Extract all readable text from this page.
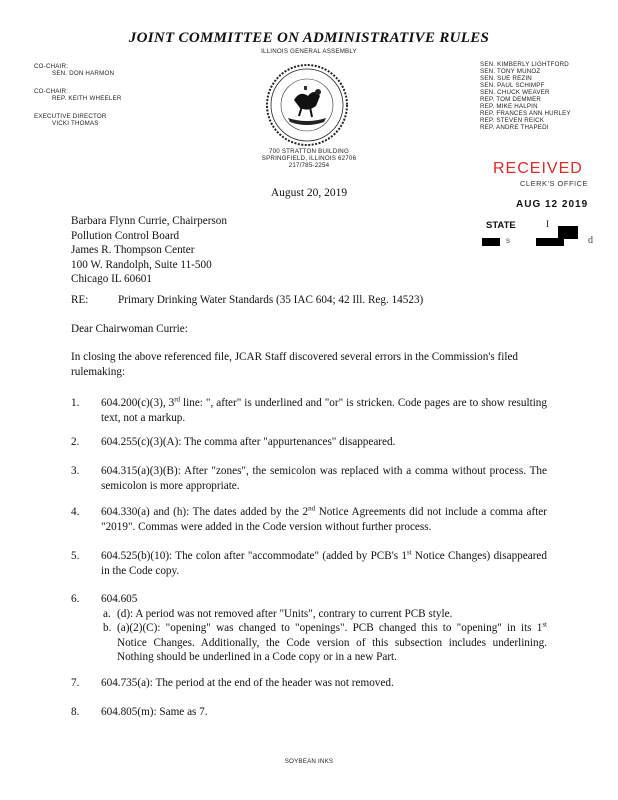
JOINT COMMITTEE ON ADMINISTRATIVE RULES
ILLINOIS GENERAL ASSEMBLY
CO-CHAIR:
SEN. DON HARMON
CO-CHAIR:
REP. KEITH WHEELER
EXECUTIVE DIRECTOR
VICKI THOMAS
SEN. KIMBERLY LIGHTFORD
SEN. TONY MUNOZ
SEN. SUE REZIN
SEN. PAUL SCHIMPF
SEN. CHUCK WEAVER
REP. TOM DEMMER
REP. MIKE HALPIN
REP. FRANCES ANN HURLEY
REP. STEVEN REICK
REP. ANDRE THAPEDI
700 STRATTON BUILDING
SPRINGFIELD, ILLINOIS 62706
217/785-2254	RECEIVED
CLERK'S OFFICE
AUG 12 2019
STATE	I
s	d
August 20, 2019
Barbara Flynn Currie, Chairperson
Pollution Control Board
James R. Thompson Center
100 W. Randolph, Suite 11-500
Chicago IL 60601
RE:	Primary Drinking Water Standards (35 IAC 604; 42 Ill. Reg. 14523)
Dear Chairwoman Currie:
In closing the above referenced file, JCAR Staff discovered several errors in the Commission's filed rulemaking:
1.	604.200(c)(3), 3rd line: ", after" is underlined and "or" is stricken. Code pages are to show resulting text, not a markup.
2.	604.255(c)(3)(A): The comma after "appurtenances" disappeared.
3.	604.315(a)(3)(B): After "zones", the semicolon was replaced with a comma without process. The semicolon is more appropriate.
4.	604.330(a) and (h): The dates added by the 2nd Notice Agreements did not include a comma after "2019". Commas were added in the Code version without further process.
5.	604.525(b)(10): The colon after "accommodate" (added by PCB's 1st Notice Changes) disappeared in the Code copy.
6.	604.605
a. (d): A period was not removed after "Units", contrary to current PCB style.
b. (a)(2)(C): "opening" was changed to "openings". PCB changed this to "opening" in its 1st Notice Changes. Additionally, the Code version of this subsection includes underlining. Nothing should be underlined in a Code copy or in a new Part.
7.	604.735(a): The period at the end of the header was not removed.
8.	604.805(m): Same as 7.
SOYBEAN INKS
